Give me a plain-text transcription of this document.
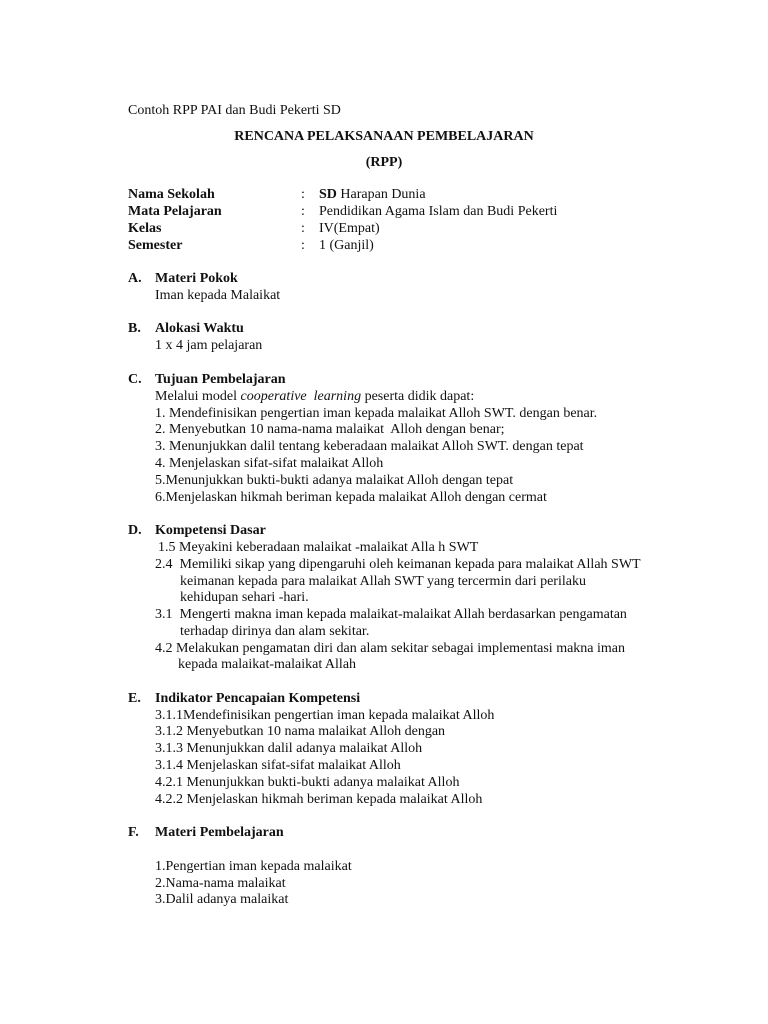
Contoh RPP PAI dan Budi Pekerti SD
RENCANA PELAKSANAAN PEMBELAJARAN
(RPP)
Nama Sekolah	: SD Harapan Dunia
Mata Pelajaran	: Pendidikan Agama Islam dan Budi Pekerti
Kelas	: IV(Empat)
Semester	: 1 (Ganjil)
A. Materi Pokok
Iman kepada Malaikat
B. Alokasi Waktu
1 x 4 jam pelajaran
C. Tujuan Pembelajaran
Melalui model cooperative  learning peserta didik dapat:
1. Mendefinisikan pengertian iman kepada malaikat Alloh SWT. dengan benar.
2. Menyebutkan 10 nama-nama malaikat  Alloh dengan benar;
3. Menunjukkan dalil tentang keberadaan malaikat Alloh SWT. dengan tepat
4. Menjelaskan sifat-sifat malaikat Alloh
5.Menunjukkan bukti-bukti adanya malaikat Alloh dengan tepat
6.Menjelaskan hikmah beriman kepada malaikat Alloh dengan cermat
D. Kompetensi Dasar
1.5 Meyakini keberadaan malaikat -malaikat Alla h SWT
2.4  Memiliki sikap yang dipengaruhi oleh keimanan kepada para malaikat Allah SWT
keimanan kepada para malaikat Allah SWT yang tercermin dari perilaku
kehidupan sehari -hari.
3.1  Mengerti makna iman kepada malaikat-malaikat Allah berdasarkan pengamatan
terhadap dirinya dan alam sekitar.
4.2 Melakukan pengamatan diri dan alam sekitar sebagai implementasi makna iman
kepada malaikat-malaikat Allah
E. Indikator Pencapaian Kompetensi
3.1.1Mendefinisikan pengertian iman kepada malaikat Alloh
3.1.2 Menyebutkan 10 nama malaikat Alloh dengan
3.1.3 Menunjukkan dalil adanya malaikat Alloh
3.1.4 Menjelaskan sifat-sifat malaikat Alloh
4.2.1 Menunjukkan bukti-bukti adanya malaikat Alloh
4.2.2 Menjelaskan hikmah beriman kepada malaikat Alloh
F. Materi Pembelajaran
1.Pengertian iman kepada malaikat
2.Nama-nama malaikat
3.Dalil adanya malaikat
